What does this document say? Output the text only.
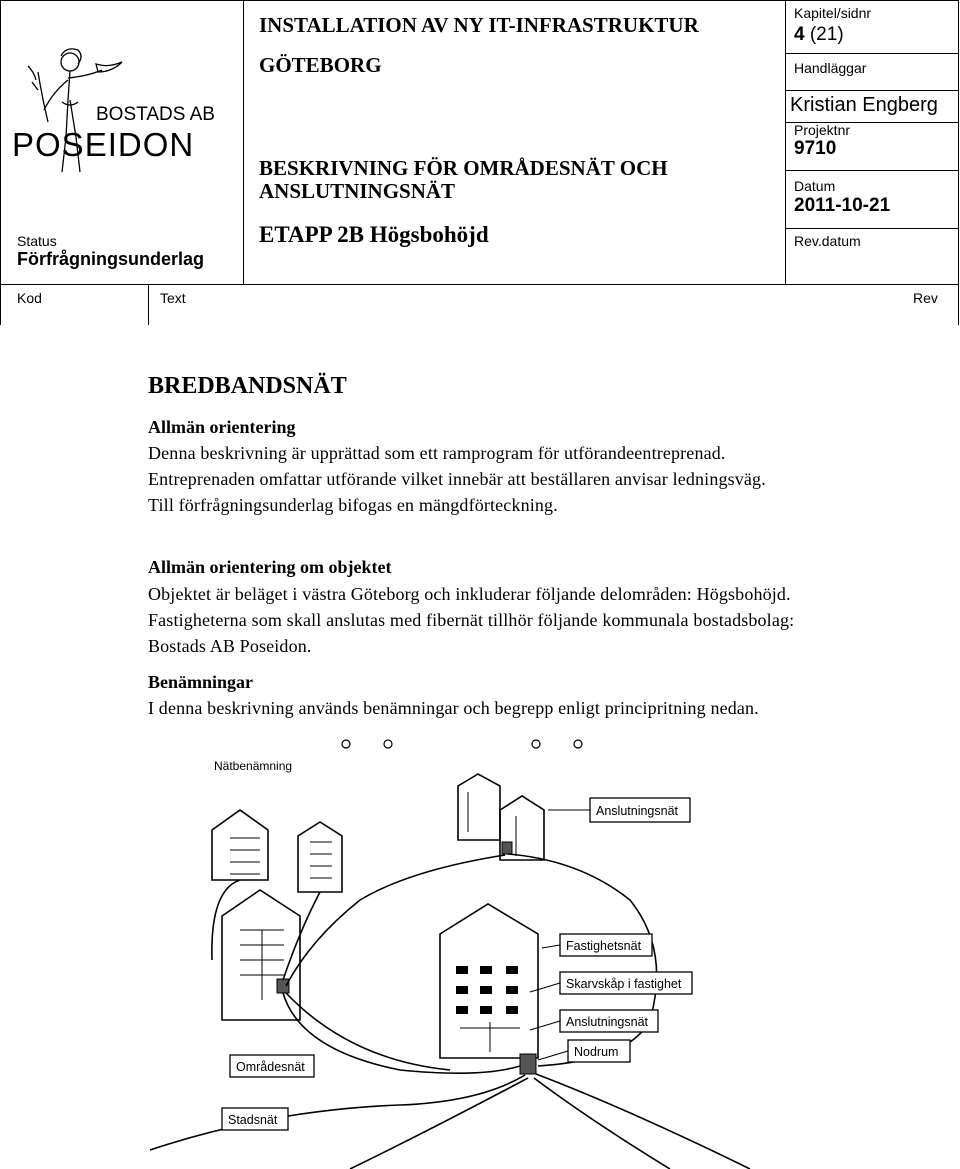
BOSTADS AB
POSEIDON
Status
Förfrågningsunderlag
INSTALLATION AV NY IT-INFRASTRUKTUR
GÖTEBORG
BESKRIVNING FÖR OMRÅDESNÄT OCH ANSLUTNINGSNÄT
ETAPP 2B Högsbohöjd
Kapitel/sidnr
4 (21)
Handläggar
Kristian Engberg
Projektnr
9710
Datum
2011-10-21
Rev.datum
Kod	Text	Rev
BREDBANDSNÄT
Allmän orientering
Denna beskrivning är upprättad som ett ramprogram för utförandeentreprenad.
Entreprenaden omfattar utförande vilket innebär att beställaren anvisar ledningsväg.
Till förfrågningsunderlag bifogas en mängdförteckning.
Allmän orientering om objektet
Objektet är beläget i västra Göteborg och inkluderar följande delområden: Högsbohöjd.
Fastigheterna som skall anslutas med fibernät tillhör följande kommunala bostadsbolag:
Bostads AB Poseidon.
Benämningar
I denna beskrivning används benämningar och begrepp enligt principritning nedan.
Nätbenämning
Anslutningsnät
Fastighetsnät
Skarvskåp i fastighet
Anslutningsnät
Nodrum
Områdesnät
Stadsnät
